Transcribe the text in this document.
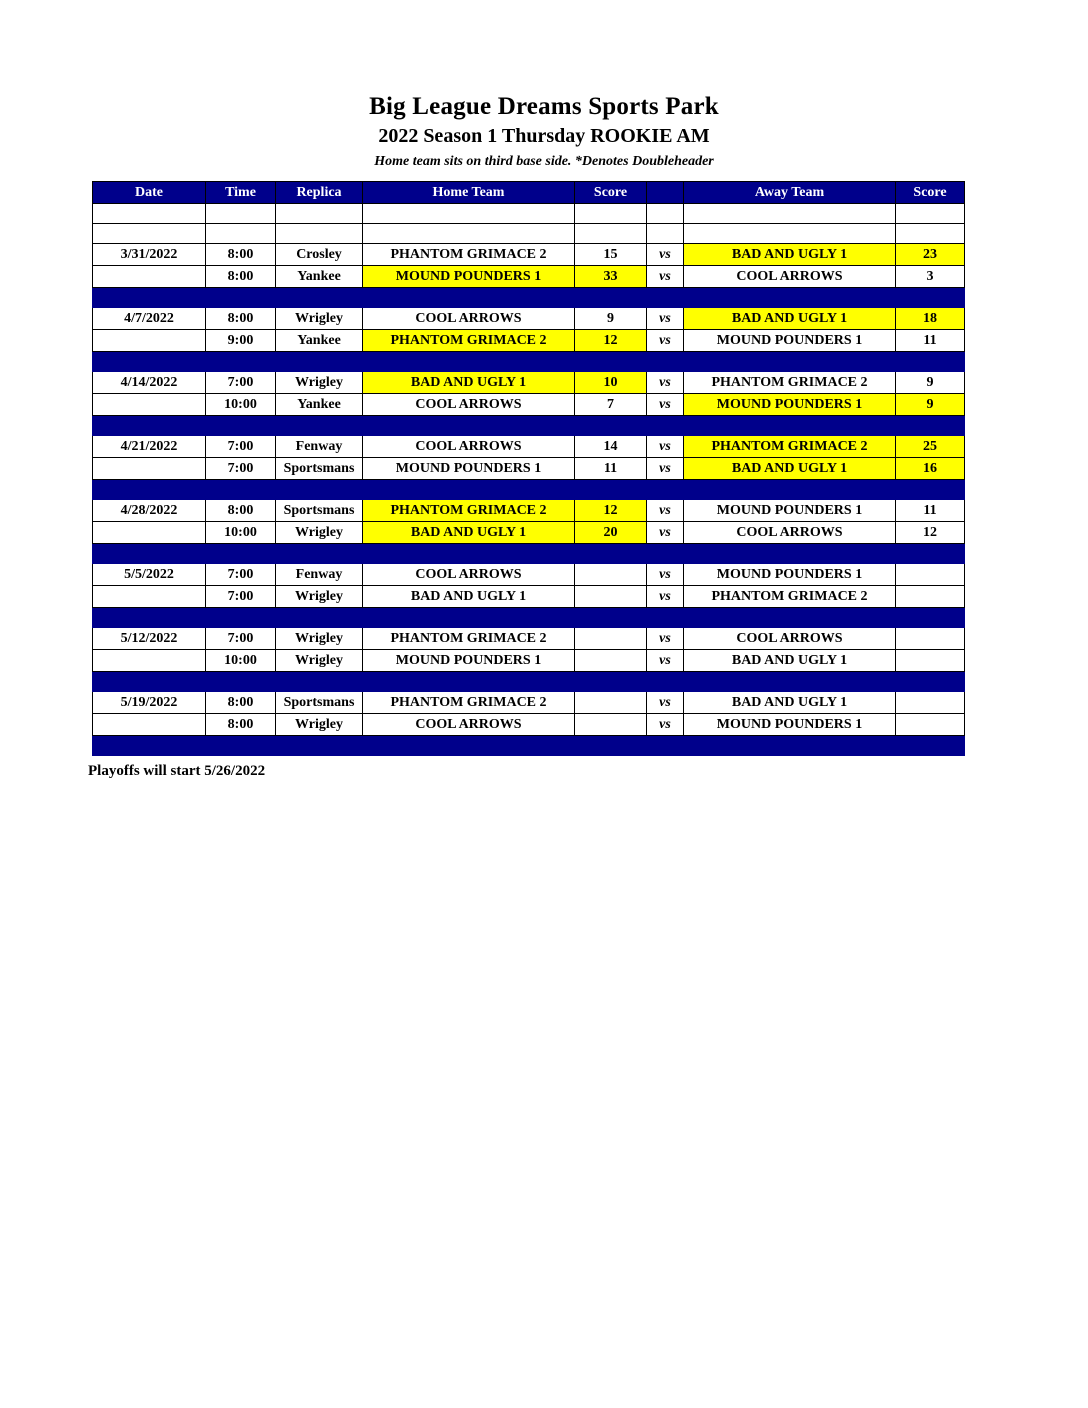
Big League Dreams Sports Park
2022 Season 1 Thursday ROOKIE AM
Home team sits on third base side. *Denotes Doubleheader
Date	Time	Replica	Home Team	Score		Away Team	Score

3/31/2022	8:00	Crosley	PHANTOM GRIMACE 2	15	vs	BAD AND UGLY 1	23
	8:00	Yankee	MOUND POUNDERS 1	33	vs	COOL ARROWS	3

4/7/2022	8:00	Wrigley	COOL ARROWS	9	vs	BAD AND UGLY 1	18
	9:00	Yankee	PHANTOM GRIMACE 2	12	vs	MOUND POUNDERS 1	11

4/14/2022	7:00	Wrigley	BAD AND UGLY 1	10	vs	PHANTOM GRIMACE 2	9
	10:00	Yankee	COOL ARROWS	7	vs	MOUND POUNDERS 1	9

4/21/2022	7:00	Fenway	COOL ARROWS	14	vs	PHANTOM GRIMACE 2	25
	7:00	Sportsmans	MOUND POUNDERS 1	11	vs	BAD AND UGLY 1	16

4/28/2022	8:00	Sportsmans	PHANTOM GRIMACE 2	12	vs	MOUND POUNDERS 1	11
	10:00	Wrigley	BAD AND UGLY 1	20	vs	COOL ARROWS	12

5/5/2022	7:00	Fenway	COOL ARROWS		vs	MOUND POUNDERS 1	
	7:00	Wrigley	BAD AND UGLY 1		vs	PHANTOM GRIMACE 2	

5/12/2022	7:00	Wrigley	PHANTOM GRIMACE 2		vs	COOL ARROWS	
	10:00	Wrigley	MOUND POUNDERS 1		vs	BAD AND UGLY 1	

5/19/2022	8:00	Sportsmans	PHANTOM GRIMACE 2		vs	BAD AND UGLY 1	
	8:00	Wrigley	COOL ARROWS		vs	MOUND POUNDERS 1	

Playoffs will start 5/26/2022
